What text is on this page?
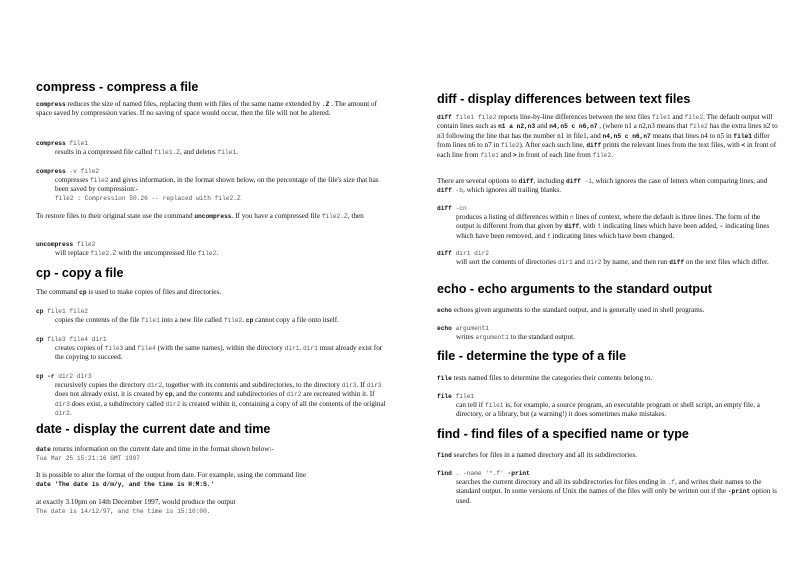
compress - compress a file

compress reduces the size of named files, replacing them with files of the same name extended by .Z . The amount of space saved by compression varies. If no saving of space would occur, then the file will not be altered.

compress file1

results in a compressed file called file1.Z, and deletes file1.

compress -v file2

compresses file2 and gives information, in the format shown below, on the percentage of the file's size that has been saved by compression:-

file2 : Compression 50.26 -- replaced with file2.Z

To restore files to their original state use the command uncompress. If you have a compressed file file2.Z, then

uncompress file2

will replace file2.Z with the uncompressed file file2.

cp - copy a file

The command cp is used to make copies of files and directories.

cp file1 file2

copies the contents of the file file1 into a new file called file2. cp cannot copy a file onto itself.

cp file3 file4 dir1

creates copies of file3 and file4 (with the same names), within the directory dir1. dir1 must already exist for the copying to succeed.

cp -r dir2 dir3

recursively copies the directory dir2, together with its contents and subdirectories, to the directory dir3. If dir3 does not already exist, it is created by cp, and the contents and subdirectories of dir2 are recreated within it. If dir3 does exist, a subdirectory called dir2 is created within it, containing a copy of all the contents of the original dir2.

date - display the current date and time

date returns information on the current date and time in the format shown below:-

Tue Mar 25 15:21:16 GMT 1997

It is possible to alter the format of the output from date. For example, using the command line

date 'The date is d/m/y, and the time is H:M:S.'

at exactly 3.10pm on 14th December 1997, would produce the output

The date is 14/12/97, and the time is 15:10:00.

diff - display differences between text files

diff file1 file2 reports line-by-line differences between the text files file1 and file2. The default output will contain lines such as n1 a n2,n3 and n4,n5 c n6,n7 , (where n1 a n2,n3 means that file2 has the extra lines n2 to n3 following the line that has the number n1 in file1, and n4,n5 c n6,n7 means that lines n4 to n5 in file1 differ from lines n6 to n7 in file2). After each such line, diff prints the relevant lines from the text files, with < in front of each line from file1 and > in front of each line from file2.

There are several options to diff, including diff -i, which ignores the case of letters when comparing lines, and diff -b, which ignores all trailing blanks.

diff -cn

produces a listing of differences within n lines of context, where the default is three lines. The form of the output is different from that given by diff, with ! indicating lines which have been added, - indicating lines which have been removed, and ! indicating lines which have been changed.

diff dir1 dir2

will sort the contents of directories dir1 and dir2 by name, and then run diff on the text files which differ.

echo - echo arguments to the standard output

echo echoes given arguments to the standard output, and is generally used in shell programs.

echo argument1

writes argument1 to the standard output.

file - determine the type of a file

file tests named files to determine the categories their contents belong to.

file file1

can tell if file1 is, for example, a source program, an executable program or shell script, an empty file, a directory, or a library, but (a warning!) it does sometimes make mistakes.

find - find files of a specified name or type

find searches for files in a named directory and all its subdirectories.

find . -name '*.f' -print

searches the current directory and all its subdirectories for files ending in .f, and writes their names to the standard output. In some versions of Unix the names of the files will only be written out if the -print option is used.
